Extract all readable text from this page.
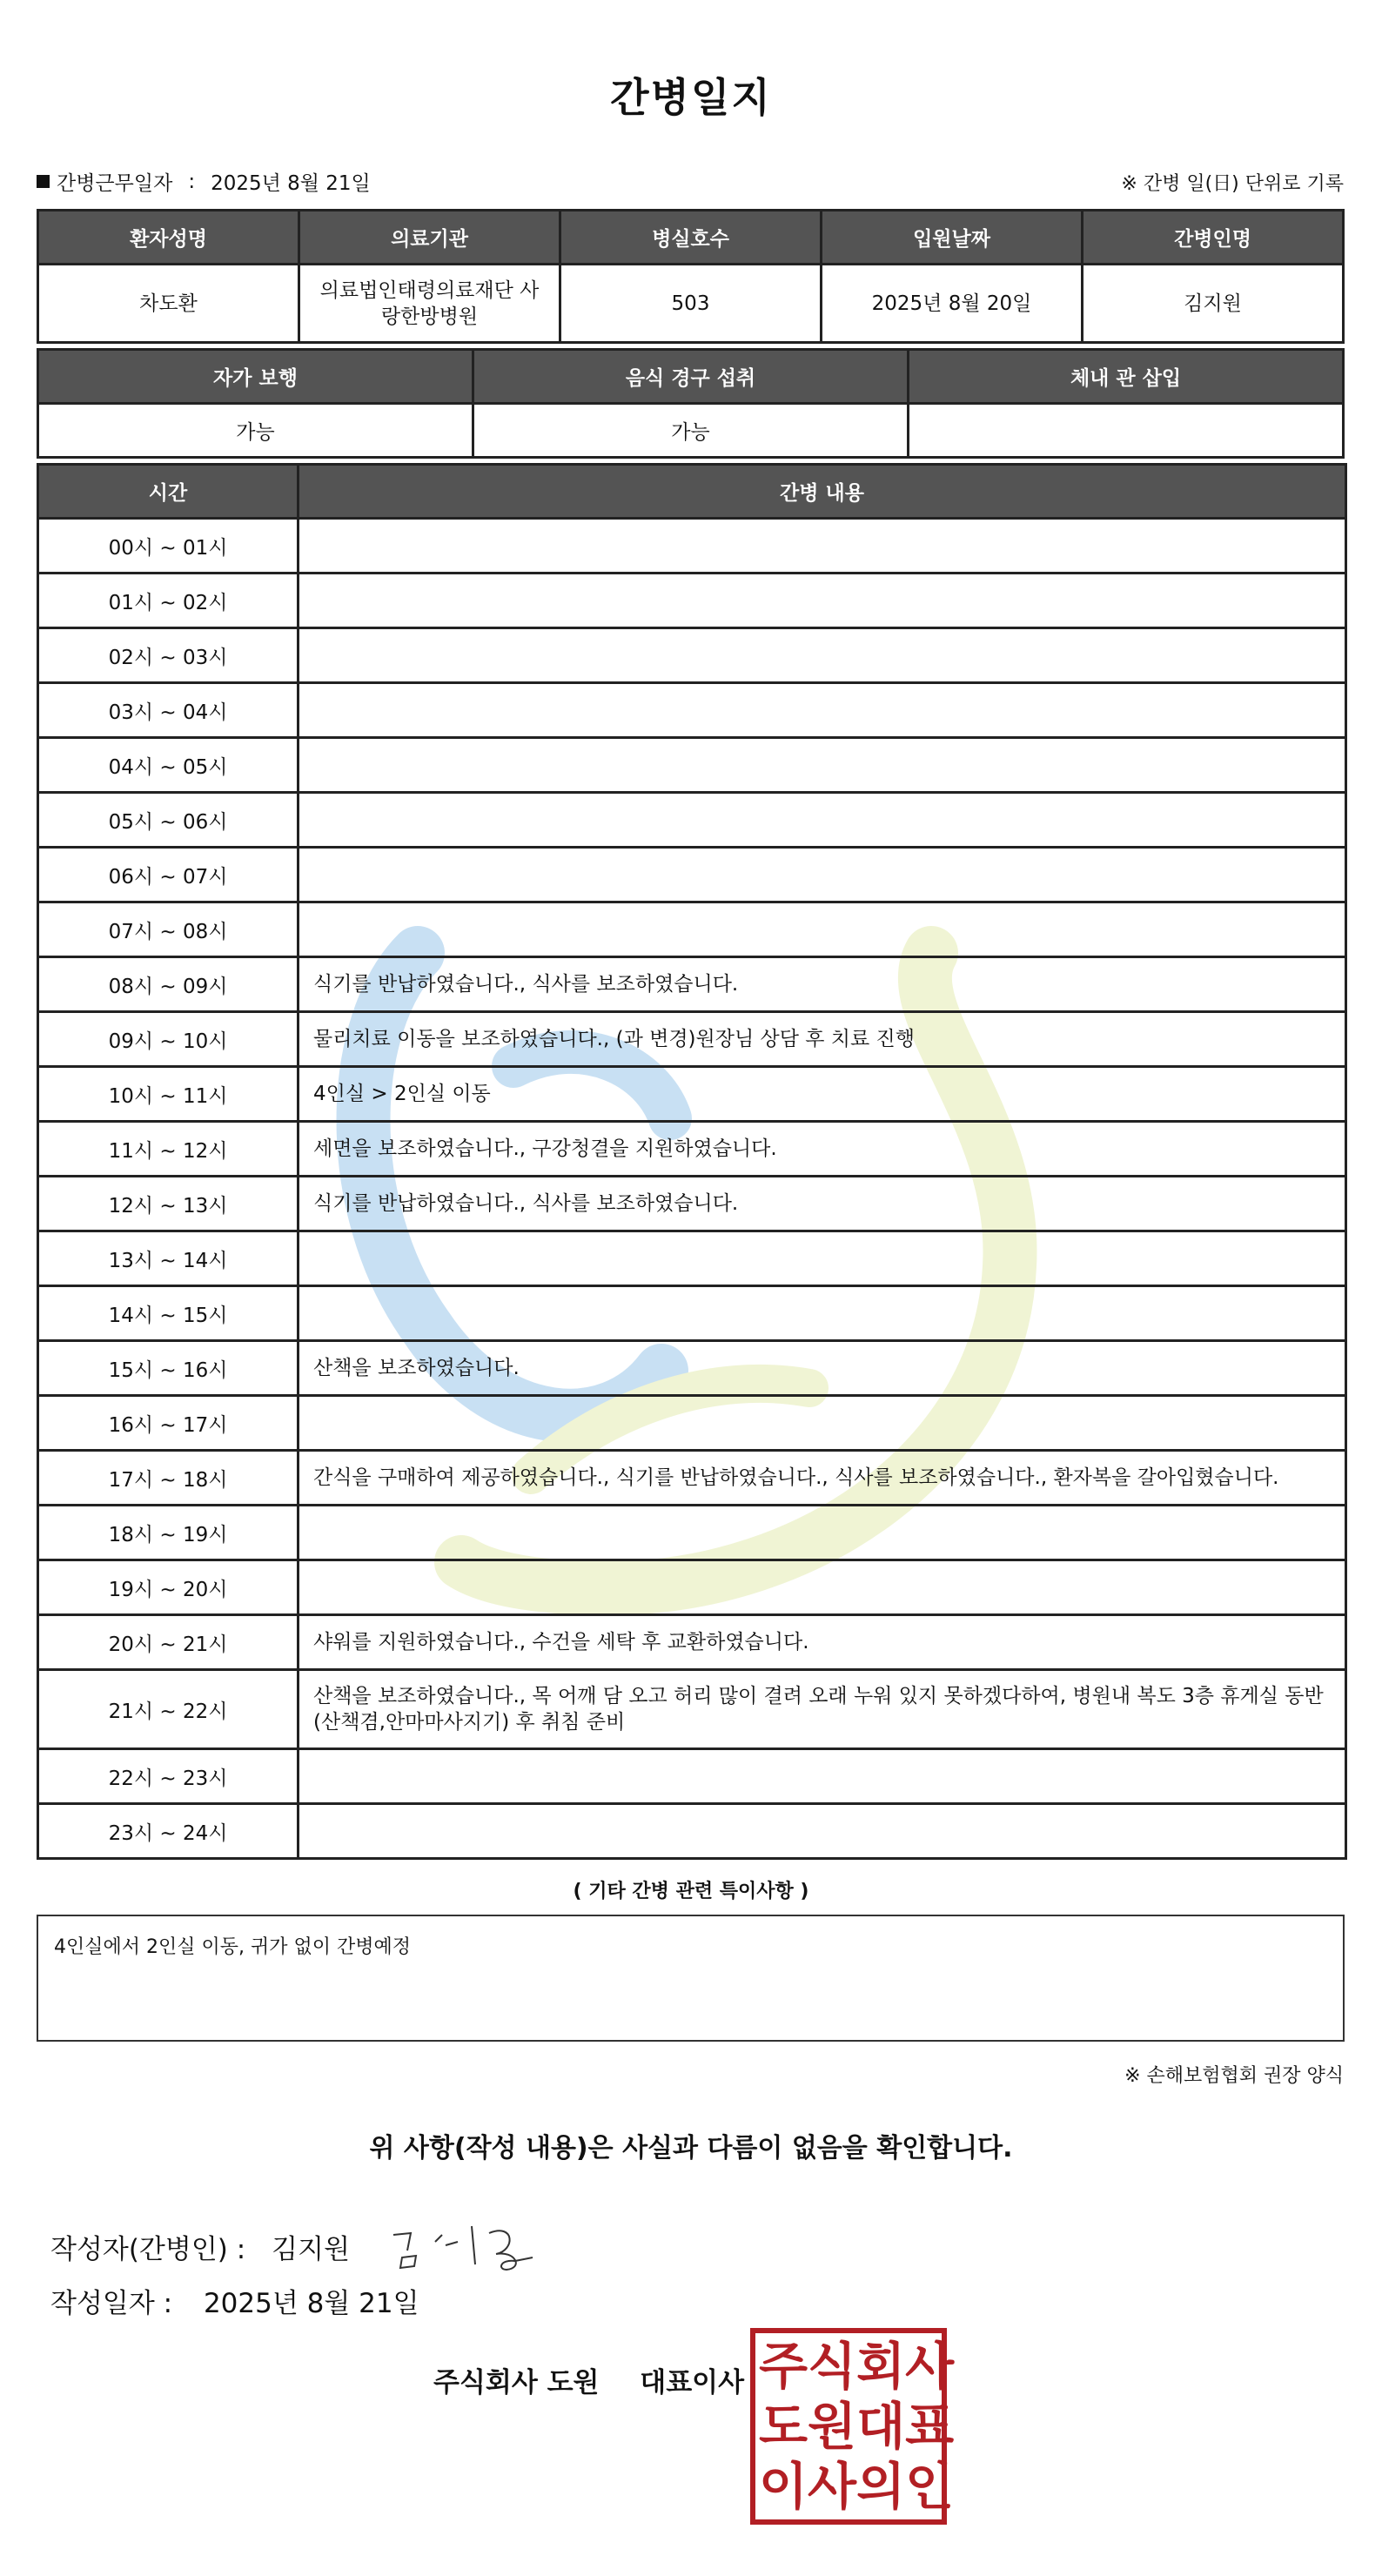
간병일지
간병근무일자 : 2025년 8월 21일	※ 간병 일(日) 단위로 기록
환자성명	의료기관	병실호수	입원날짜	간병인명
차도환	의료법인태령의료재단 사랑한방병원	503	2025년 8월 20일	김지원
자가 보행	음식 경구 섭취	체내 관 삽입
가능	가능	
시간	간병 내용
00시 ~ 01시	
01시 ~ 02시	
02시 ~ 03시	
03시 ~ 04시	
04시 ~ 05시	
05시 ~ 06시	
06시 ~ 07시	
07시 ~ 08시	
08시 ~ 09시	식기를 반납하였습니다., 식사를 보조하였습니다.
09시 ~ 10시	물리치료 이동을 보조하였습니다., (과 변경)원장님 상담 후 치료 진행
10시 ~ 11시	4인실 > 2인실 이동
11시 ~ 12시	세면을 보조하였습니다., 구강청결을 지원하였습니다.
12시 ~ 13시	식기를 반납하였습니다., 식사를 보조하였습니다.
13시 ~ 14시	
14시 ~ 15시	
15시 ~ 16시	산책을 보조하였습니다.
16시 ~ 17시	
17시 ~ 18시	간식을 구매하여 제공하였습니다., 식기를 반납하였습니다., 식사를 보조하였습니다., 환자복을 갈아입혔습니다.
18시 ~ 19시	
19시 ~ 20시	
20시 ~ 21시	샤워를 지원하였습니다., 수건을 세탁 후 교환하였습니다.
21시 ~ 22시	산책을 보조하였습니다., 목 어깨 담 오고 허리 많이 결려 오래 누워 있지 못하겠다하여, 병원내 복도 3층 휴게실 동반(산책겸,안마마사지기) 후 취침 준비
22시 ~ 23시	
23시 ~ 24시	
( 기타 간병 관련 특이사항 )
4인실에서 2인실 이동, 귀가 없이 간병예정
※ 손해보험협회 권장 양식
위 사항(작성 내용)은 사실과 다름이 없음을 확인합니다.
작성자(간병인) : 김지원
작성일자 : 2025년 8월 21일
주식회사 도원 대표이사 주 식 회 사
도 원 대 표
이 사 의 인
